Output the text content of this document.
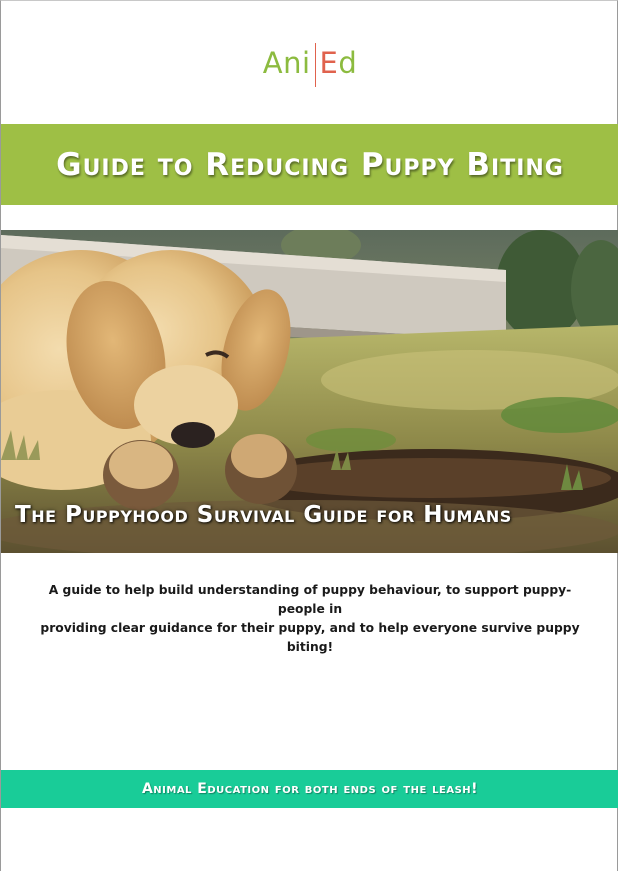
Ani E d
Guide to Reducing Puppy Biting
The Puppyhood Survival Guide for Humans
A guide to help build understanding of puppy behaviour, to support puppy-people in
providing clear guidance for their puppy, and to help everyone survive puppy biting!
Animal Education for both ends of the leash!
